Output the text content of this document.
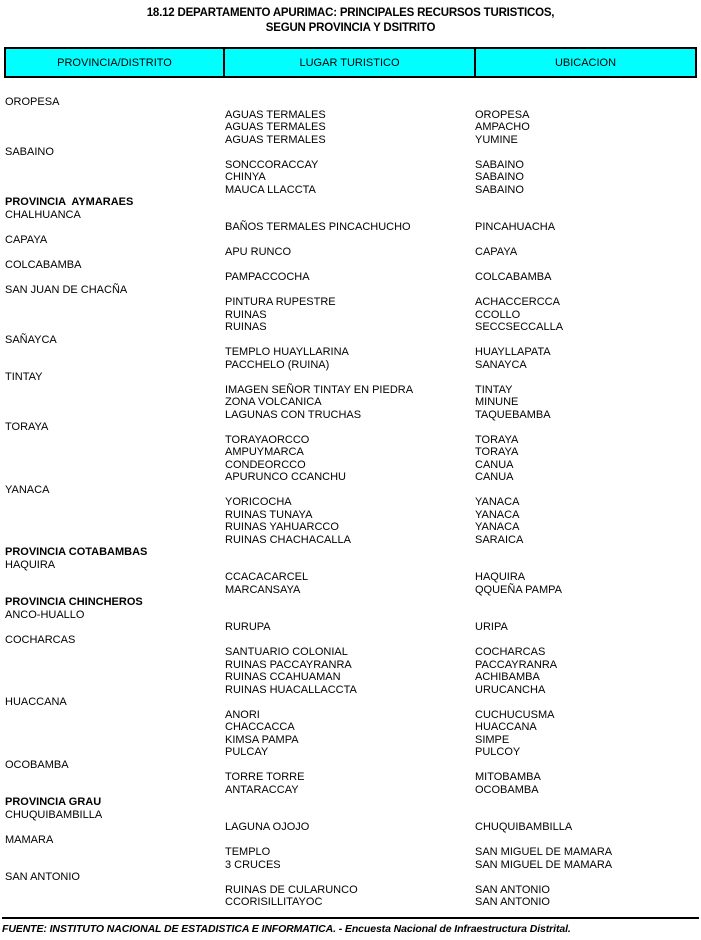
18.12 DEPARTAMENTO APURIMAC: PRINCIPALES RECURSOS TURISTICOS,
SEGUN PROVINCIA Y DSITRITO
PROVINCIA/DISTRITO	LUGAR TURISTICO	UBICACION
OROPESA
AGUAS TERMALES	OROPESA
AGUAS TERMALES	AMPACHO
AGUAS TERMALES	YUMINE
SABAINO
SONCCORACCAY	SABAINO
CHINYA	SABAINO
MAUCA LLACCTA	SABAINO
PROVINCIA  AYMARAES
CHALHUANCA
BAÑOS TERMALES PINCACHUCHO	PINCAHUACHA
CAPAYA
APU RUNCO	CAPAYA
COLCABAMBA
PAMPACCOCHA	COLCABAMBA
SAN JUAN DE CHACÑA
PINTURA RUPESTRE	ACHACCERCCA
RUINAS	CCOLLO
RUINAS	SECCSECCALLA
SAÑAYCA
TEMPLO HUAYLLARINA	HUAYLLAPATA
PACCHELO (RUINA)	SANAYCA
TINTAY
IMAGEN SEÑOR TINTAY EN PIEDRA	TINTAY
ZONA VOLCANICA	MINUNE
LAGUNAS CON TRUCHAS	TAQUEBAMBA
TORAYA
TORAYAORCCO	TORAYA
AMPUYMARCA	TORAYA
CONDEORCCO	CANUA
APURUNCO CCANCHU	CANUA
YANACA
YORICOCHA	YANACA
RUINAS TUNAYA	YANACA
RUINAS YAHUARCCO	YANACA
RUINAS CHACHACALLA	SARAICA
PROVINCIA COTABAMBAS
HAQUIRA
CCACACARCEL	HAQUIRA
MARCANSAYA	QQUEÑA PAMPA
PROVINCIA CHINCHEROS
ANCO-HUALLO
RURUPA	URIPA
COCHARCAS
SANTUARIO COLONIAL	COCHARCAS
RUINAS PACCAYRANRA	PACCAYRANRA
RUINAS CCAHUAMAN	ACHIBAMBA
RUINAS HUACALLACCTA	URUCANCHA
HUACCANA
ANORI	CUCHUCUSMA
CHACCACCA	HUACCANA
KIMSA PAMPA	SIMPE
PULCAY	PULCOY
OCOBAMBA
TORRE TORRE	MITOBAMBA
ANTARACCAY	OCOBAMBA
PROVINCIA GRAU
CHUQUIBAMBILLA
LAGUNA OJOJO	CHUQUIBAMBILLA
MAMARA
TEMPLO	SAN MIGUEL DE MAMARA
3 CRUCES	SAN MIGUEL DE MAMARA
SAN ANTONIO
RUINAS DE CULARUNCO	SAN ANTONIO
CCORISILLITAYOC	SAN ANTONIO
FUENTE: INSTITUTO NACIONAL DE ESTADISTICA E INFORMATICA. - Encuesta Nacional de Infraestructura Distrital.
